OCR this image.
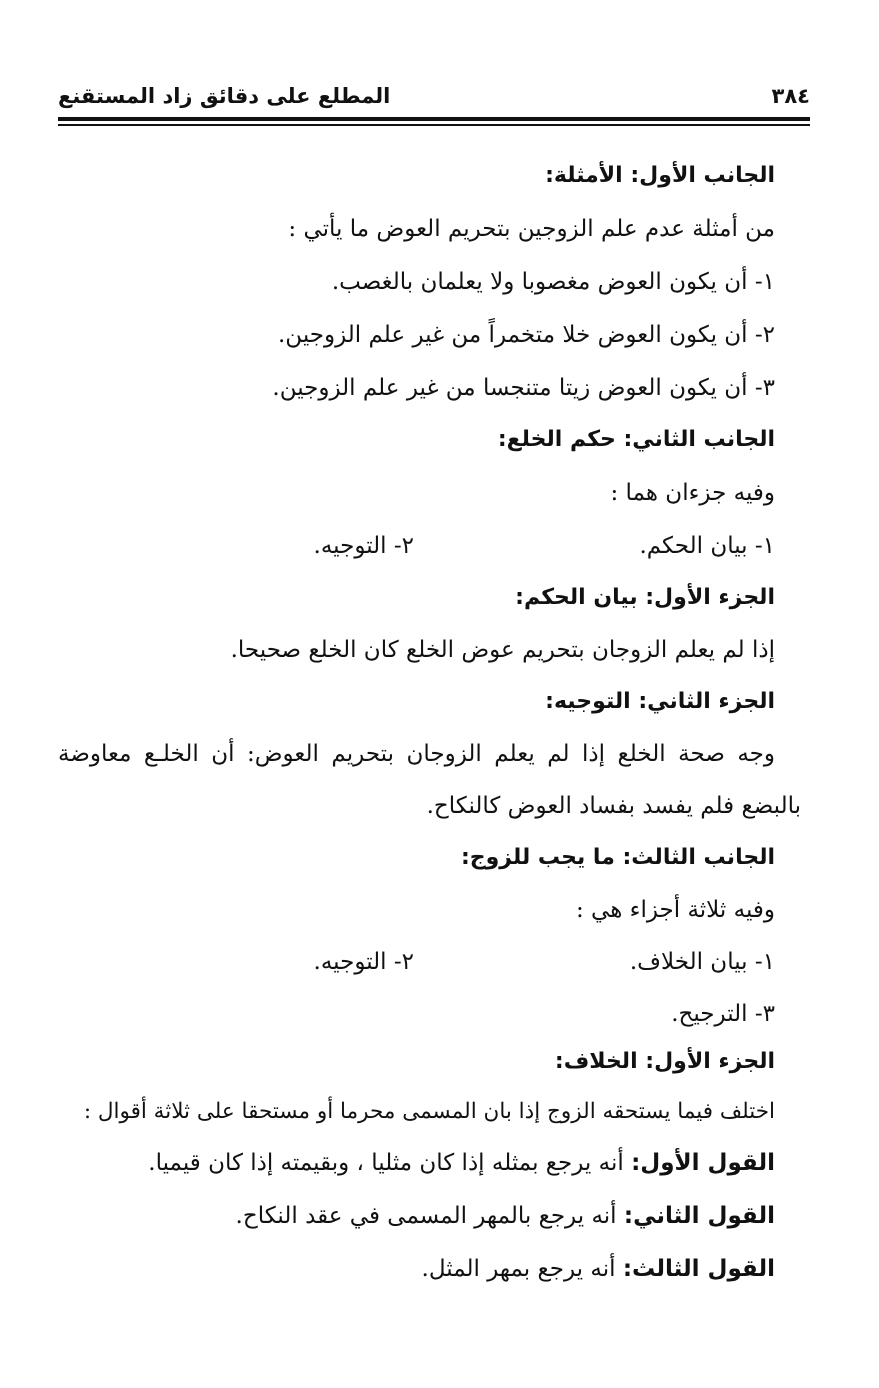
المطلع على دقائق زاد المستقنع	٣٨٤
الجانب الأول: الأمثلة:
من أمثلة عدم علم الزوجين بتحريم العوض ما يأتي :
١- أن يكون العوض مغصوبا ولا يعلمان بالغصب.
٢- أن يكون العوض خلا متخمراً من غير علم الزوجين.
٣- أن يكون العوض زيتا متنجسا من غير علم الزوجين.
الجانب الثاني: حكم الخلع:
وفيه جزءان هما :
١- بيان الحكم.
٢- التوجيه.
الجزء الأول: بيان الحكم:
إذا لم يعلم الزوجان بتحريم عوض الخلع كان الخلع صحيحا.
الجزء الثاني: التوجيه:
وجه صحة الخلع إذا لم يعلم الزوجان بتحريم العوض: أن الخلـع معاوضة
بالبضع فلم يفسد بفساد العوض كالنكاح.
الجانب الثالث: ما يجب للزوج:
وفيه ثلاثة أجزاء هي :
١- بيان الخلاف.
٢- التوجيه.
٣- الترجيح.
الجزء الأول: الخلاف:
اختلف فيما يستحقه الزوج إذا بان المسمى محرما أو مستحقا على ثلاثة أقوال :
القول الأول: أنه يرجع بمثله إذا كان مثليا ، وبقيمته إذا كان قيميا.
القول الثاني: أنه يرجع بالمهر المسمى في عقد النكاح.
القول الثالث: أنه يرجع بمهر المثل.
